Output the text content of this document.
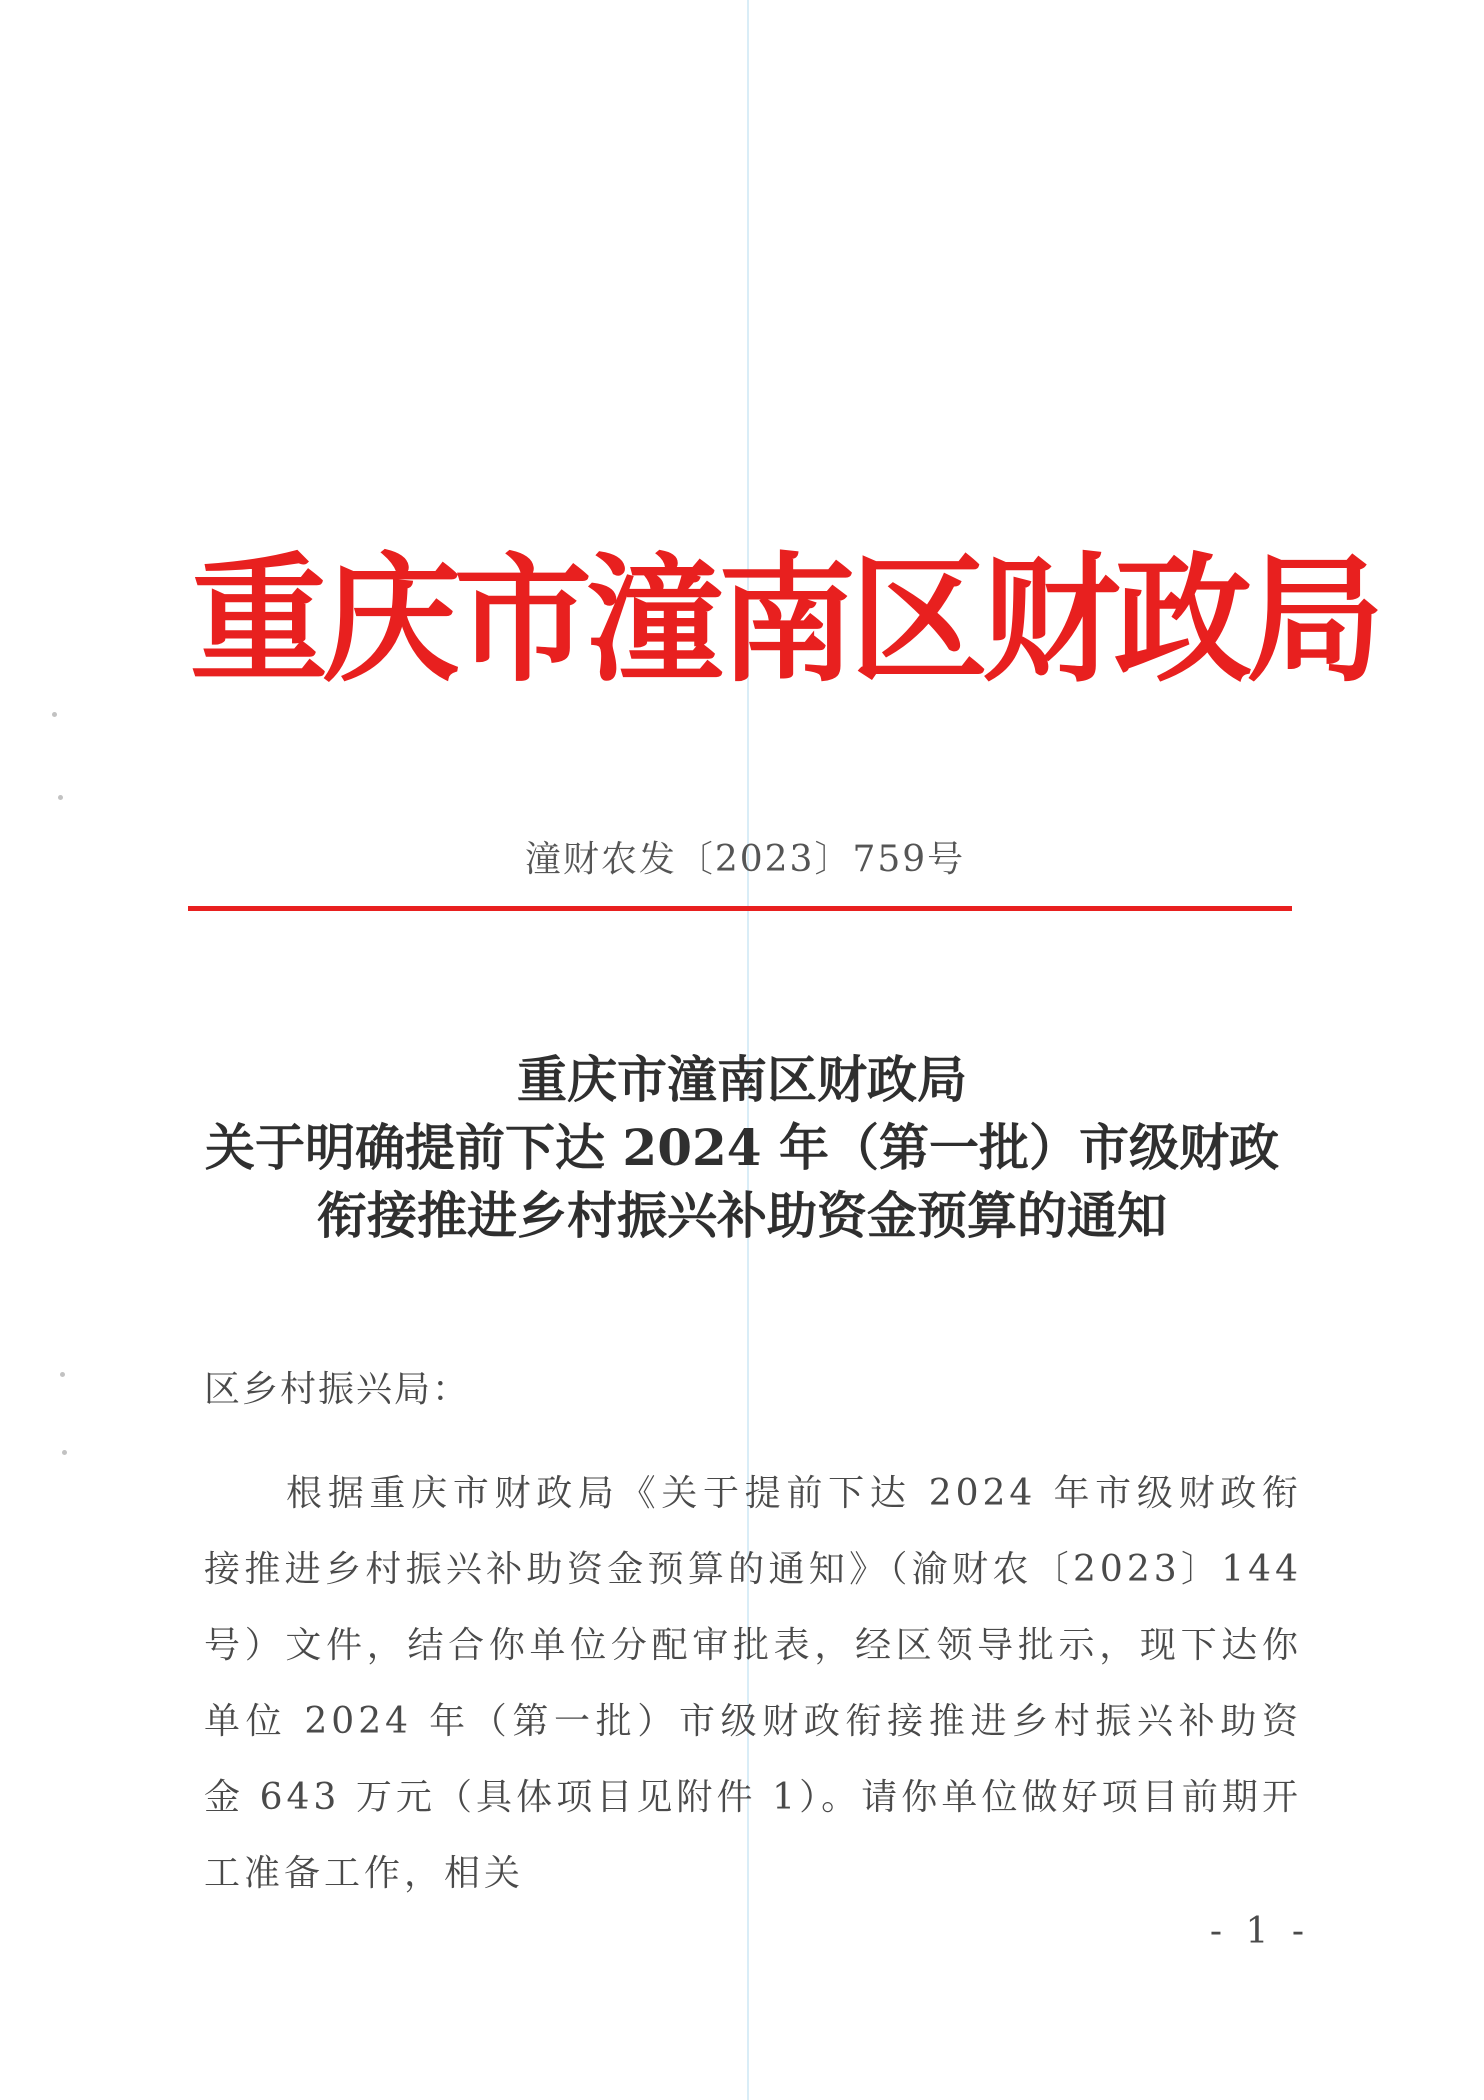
重庆市潼南区财政局
潼财农发〔2023〕759号
重庆市潼南区财政局
关于明确提前下达 2024 年（第一批）市级财政
衔接推进乡村振兴补助资金预算的通知
区乡村振兴局：
根据重庆市财政局《关于提前下达 2024 年市级财政衔接推进乡村振兴补助资金预算的通知》（渝财农〔2023〕144 号）文件，结合你单位分配审批表，经区领导批示，现下达你单位 2024 年（第一批）市级财政衔接推进乡村振兴补助资金 643 万元（具体项目见附件 1）。请你单位做好项目前期开工准备工作，相关
- 1 -
